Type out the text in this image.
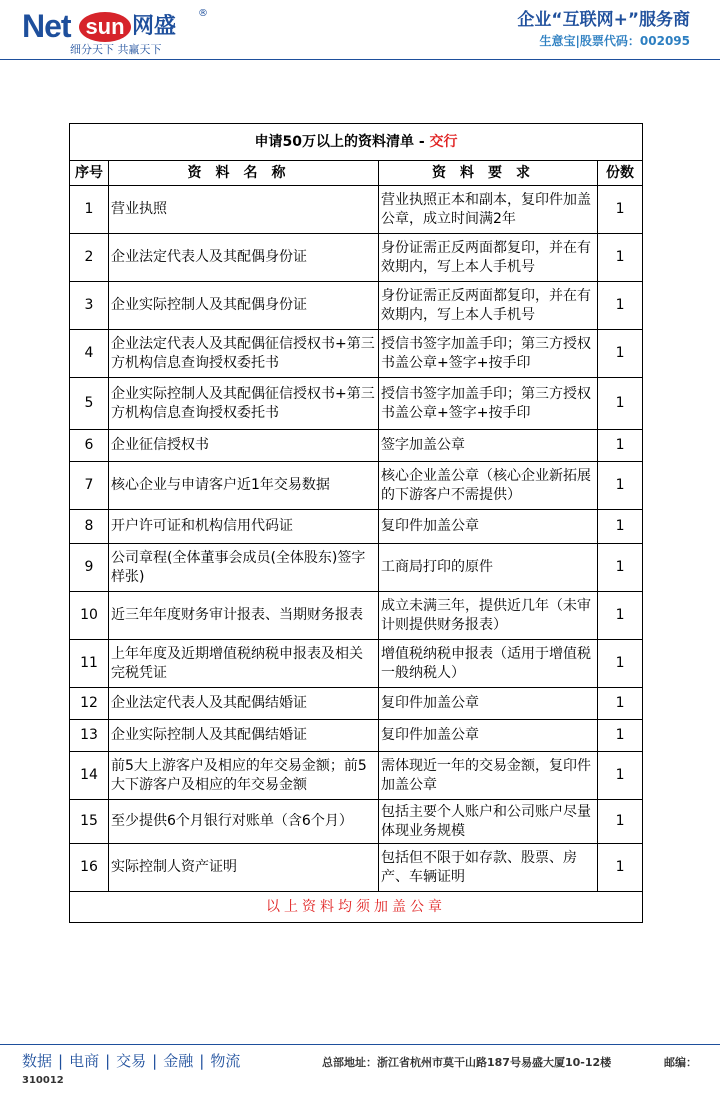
Net sun 网盛
®
细分天下 共赢天下
企业“互联网+”服务商
生意宝|股票代码：002095
申请50万以上的资料清单 - 交行			
序号	资料名称	资料要求	份数
1	营业执照	营业执照正本和副本，复印件加盖公章，成立时间满2年	1
2	企业法定代表人及其配偶身份证	身份证需正反两面都复印，并在有效期内，写上本人手机号	1
3	企业实际控制人及其配偶身份证	身份证需正反两面都复印，并在有效期内，写上本人手机号	1
4	企业法定代表人及其配偶征信授权书+第三方机构信息查询授权委托书	授信书签字加盖手印；第三方授权书盖公章+签字+按手印	1
5	企业实际控制人及其配偶征信授权书+第三方机构信息查询授权委托书	授信书签字加盖手印；第三方授权书盖公章+签字+按手印	1
6	企业征信授权书	签字加盖公章	1
7	核心企业与申请客户近1年交易数据	核心企业盖公章（核心企业新拓展的下游客户不需提供）	1
8	开户许可证和机构信用代码证	复印件加盖公章	1
9	公司章程(全体董事会成员(全体股东)签字样张)	工商局打印的原件	1
10	近三年年度财务审计报表、当期财务报表	成立未满三年，提供近几年（未审计则提供财务报表）	1
11	上年年度及近期增值税纳税申报表及相关完税凭证	增值税纳税申报表（适用于增值税一般纳税人）	1
12	企业法定代表人及其配偶结婚证	复印件加盖公章	1
13	企业实际控制人及其配偶结婚证	复印件加盖公章	1
14	前5大上游客户及相应的年交易金额；前5大下游客户及相应的年交易金额	需体现近一年的交易金额，复印件加盖公章	1
15	至少提供6个月银行对账单（含6个月）	包括主要个人账户和公司账户尽量体现业务规模	1
16	实际控制人资产证明	包括但不限于如存款、股票、房产、车辆证明	1
以上资料均须加盖公章			
数据 | 电商 | 交易 | 金融 | 物流	总部地址：浙江省杭州市莫干山路187号易盛大厦10-12楼	邮编：
310012
